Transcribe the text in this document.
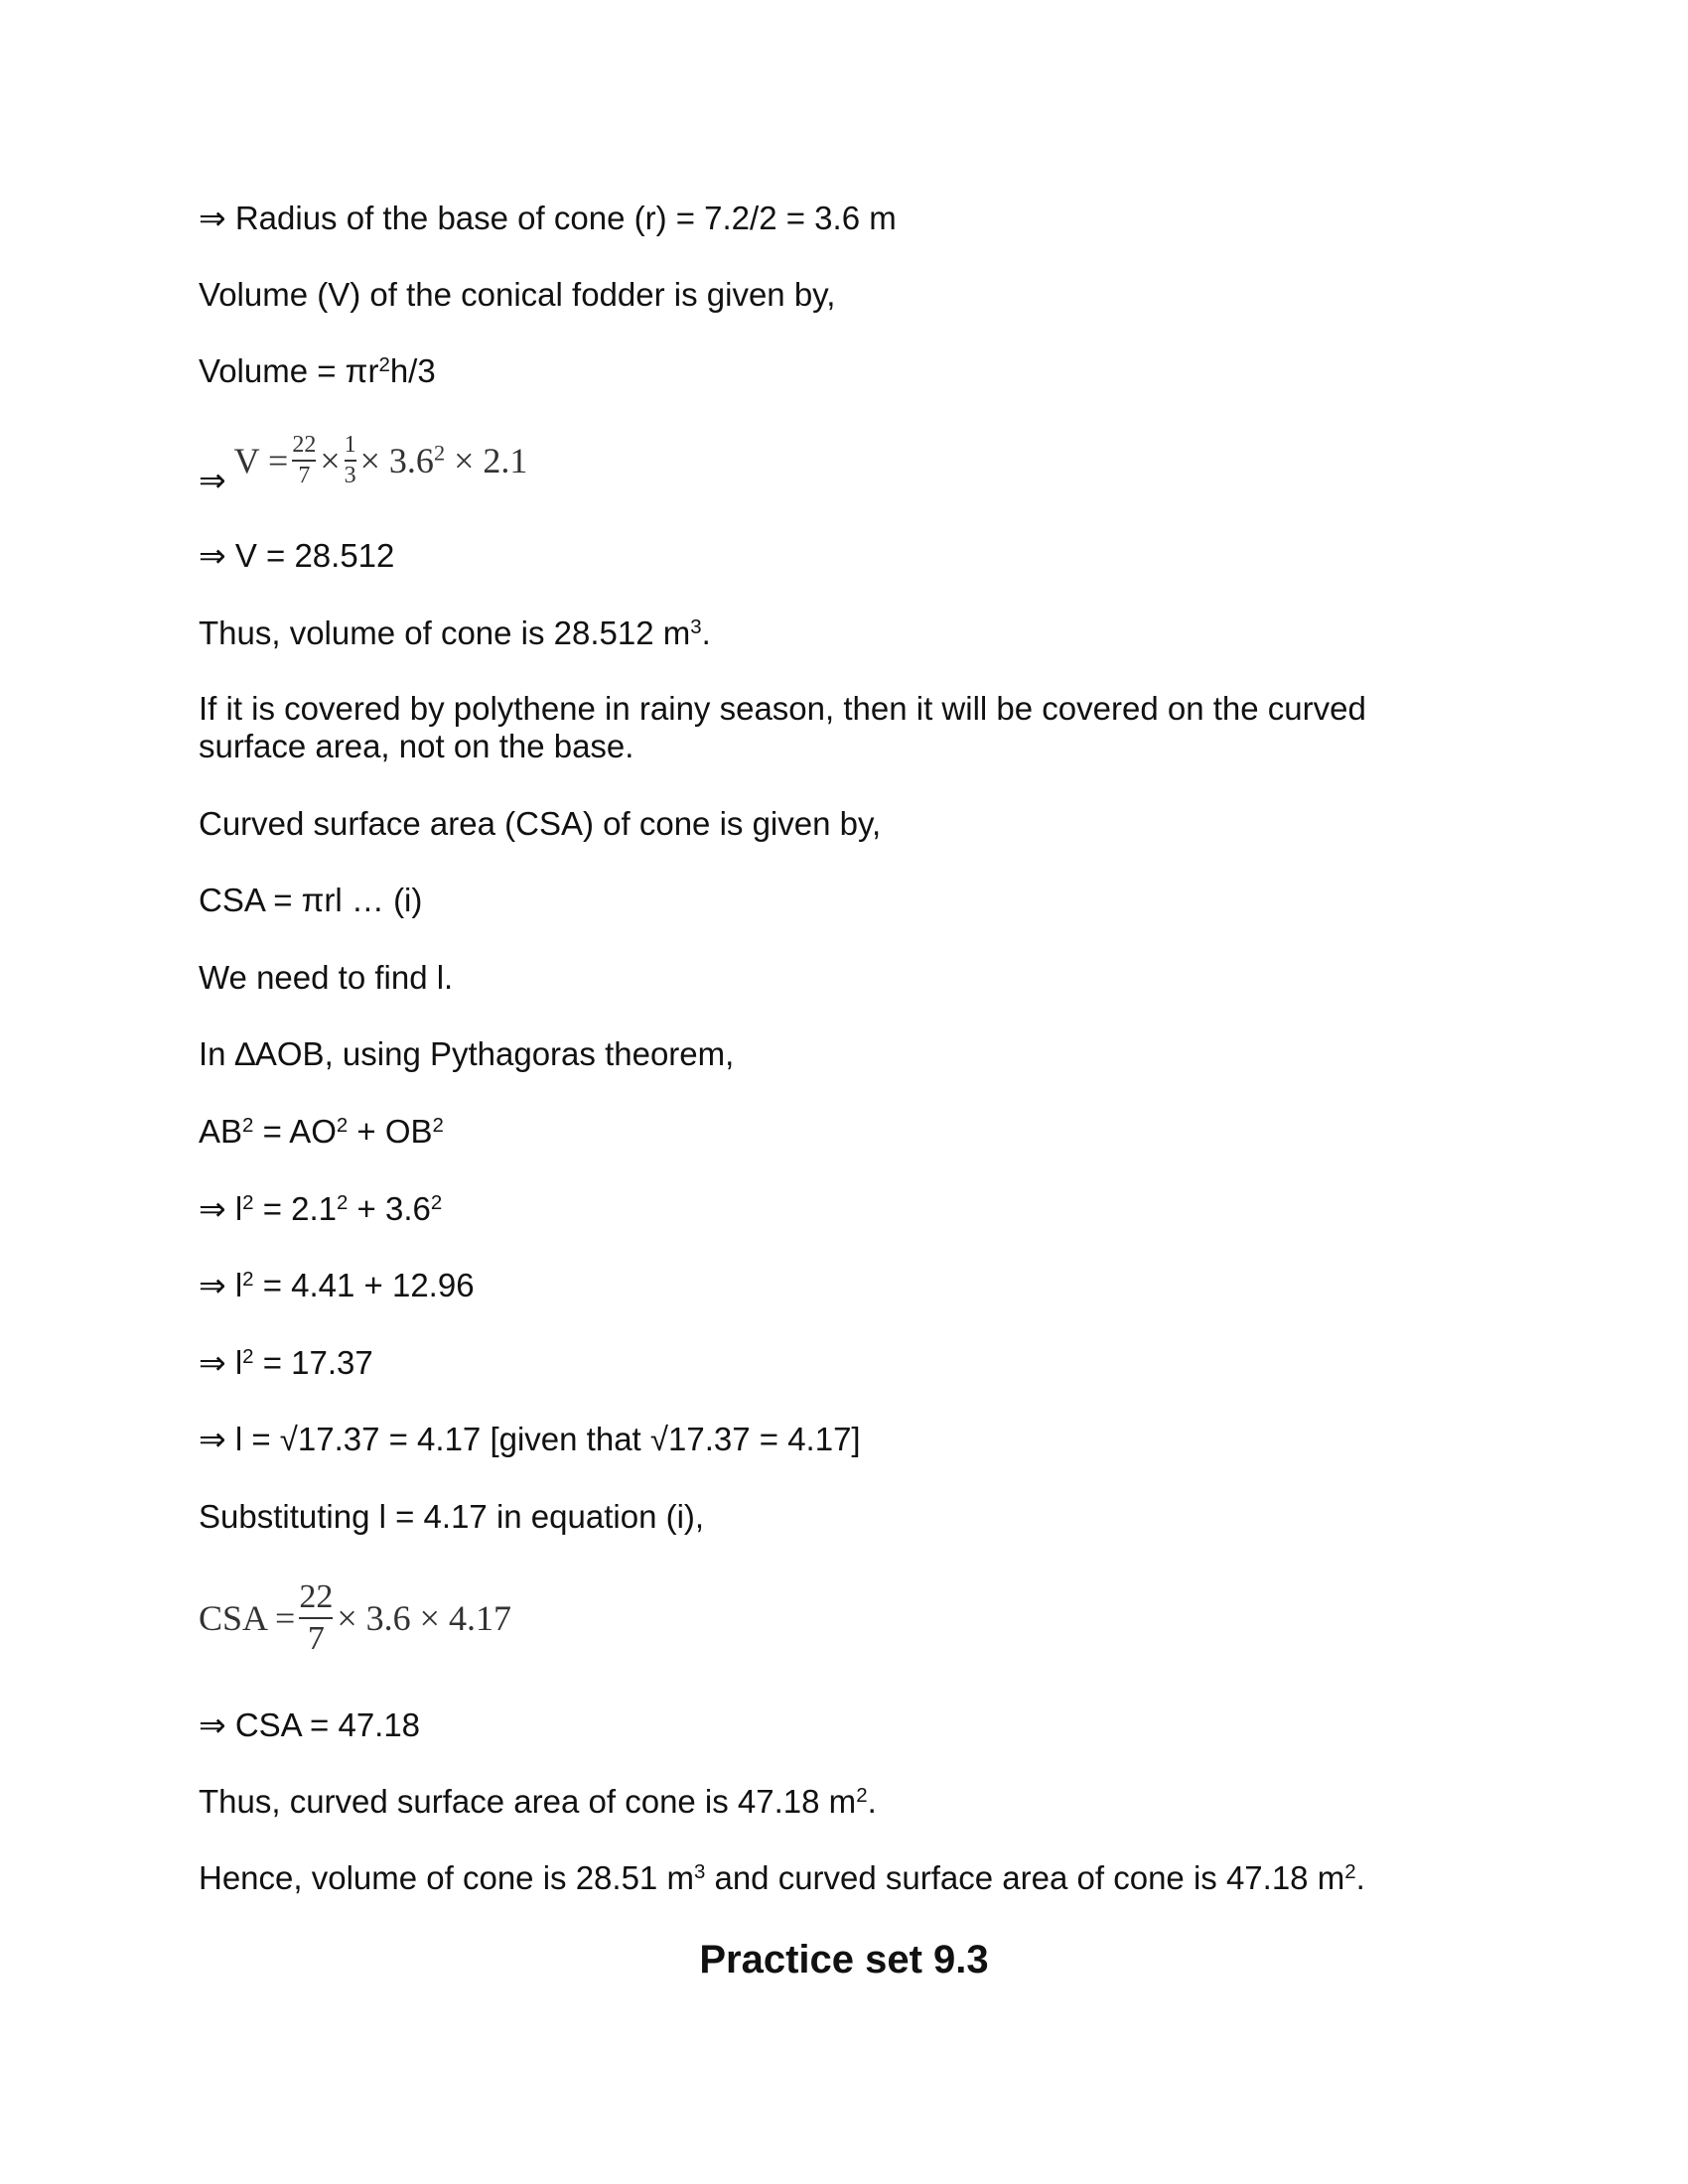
⇒ Radius of the base of cone (r) = 7.2/2 = 3.6 m
Volume (V) of the conical fodder is given by,
Volume = $\pi r^2h/3$
⇒ $V = \frac{22}{7} \times \frac{1}{3} \times 3.6^2 \times 2.1$
⇒ V = 28.512
Thus, volume of cone is 28.512 $m^3$.
If it is covered by polythene in rainy season, then it will be covered on the curved surface area, not on the base.
Curved surface area (CSA) of cone is given by,
CSA = πrl … (i)
We need to find l.
In ∆AOB, using Pythagoras theorem,
$AB^2 = AO^2 + OB^2$
⇒ $l^2 = 2.1^2 + 3.6^2$
⇒ $l^2 = 4.41 + 12.96$
⇒ $l^2 = 17.37$
⇒ l = √17.37 = 4.17 [given that √17.37 = 4.17]
Substituting l = 4.17 in equation (i),
CSA = $\frac{22}{7} \times 3.6 \times 4.17$
⇒ CSA = 47.18
Thus, curved surface area of cone is 47.18 $m^2$.
Hence, volume of cone is 28.51 $m^3$ and curved surface area of cone is 47.18 $m^2$.
Practice set 9.3
